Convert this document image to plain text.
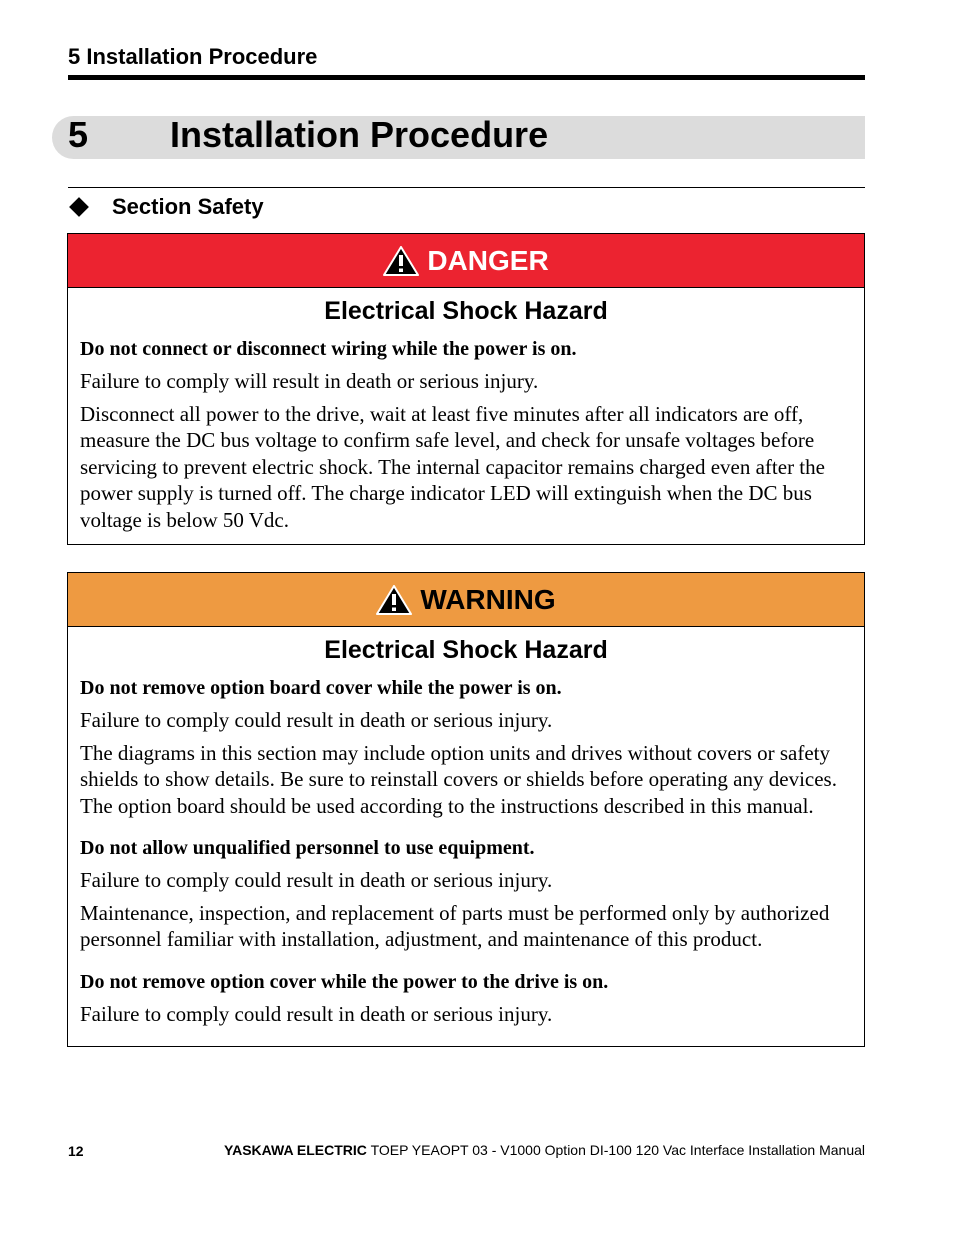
5 Installation Procedure
5 Installation Procedure
Section Safety
DANGER
Electrical Shock Hazard
Do not connect or disconnect wiring while the power is on.
Failure to comply will result in death or serious injury.
Disconnect all power to the drive, wait at least five minutes after all indicators are off, measure the DC bus voltage to confirm safe level, and check for unsafe voltages before servicing to prevent electric shock. The internal capacitor remains charged even after the power supply is turned off. The charge indicator LED will extinguish when the DC bus voltage is below 50 Vdc.
WARNING
Electrical Shock Hazard
Do not remove option board cover while the power is on.
Failure to comply could result in death or serious injury.
The diagrams in this section may include option units and drives without covers or safety shields to show details. Be sure to reinstall covers or shields before operating any devices. The option board should be used according to the instructions described in this manual.
Do not allow unqualified personnel to use equipment.
Failure to comply could result in death or serious injury.
Maintenance, inspection, and replacement of parts must be performed only by authorized personnel familiar with installation, adjustment, and maintenance of this product.
Do not remove option cover while the power to the drive is on.
Failure to comply could result in death or serious injury.
12	YASKAWA ELECTRIC TOEP YEAOPT 03 - V1000 Option DI-100 120 Vac Interface Installation Manual
